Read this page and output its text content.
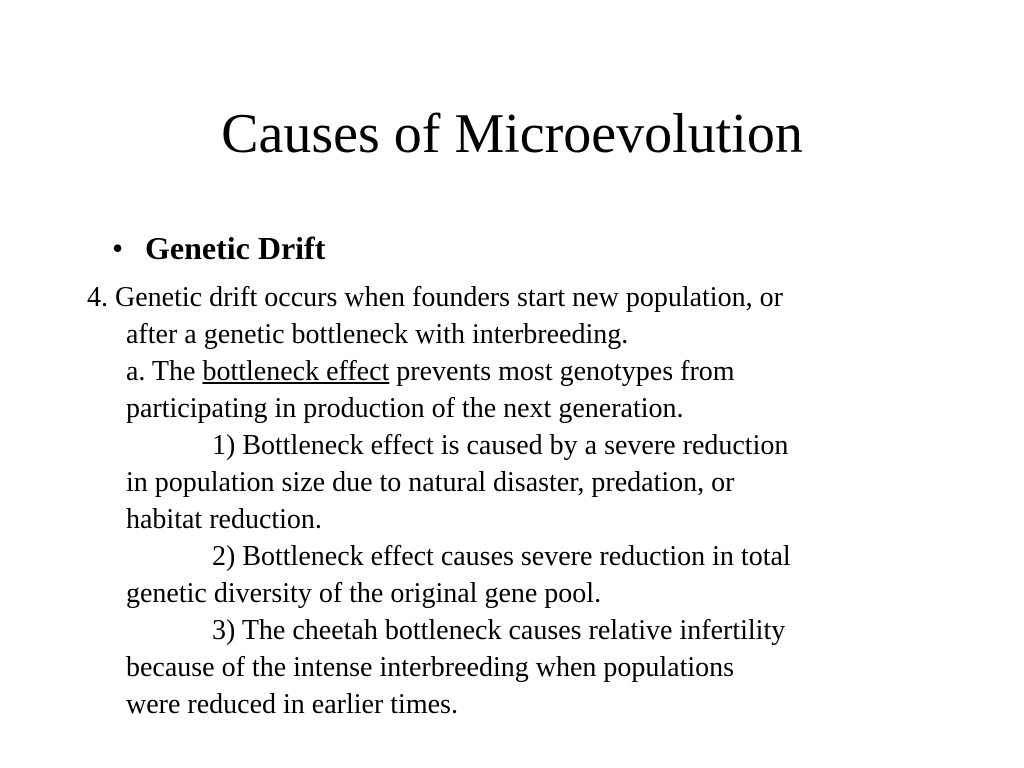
Causes of Microevolution
• Genetic Drift

4. Genetic drift occurs when founders start new population, or

after a genetic bottleneck with interbreeding.

a. The bottleneck effect prevents most genotypes from

participating in production of the next generation.

1) Bottleneck effect is caused by a severe reduction

in population size due to natural disaster, predation, or

habitat reduction.

2) Bottleneck effect causes severe reduction in total

genetic diversity of the original gene pool.

3) The cheetah bottleneck causes relative infertility

because of the intense interbreeding when populations

were reduced in earlier times.
